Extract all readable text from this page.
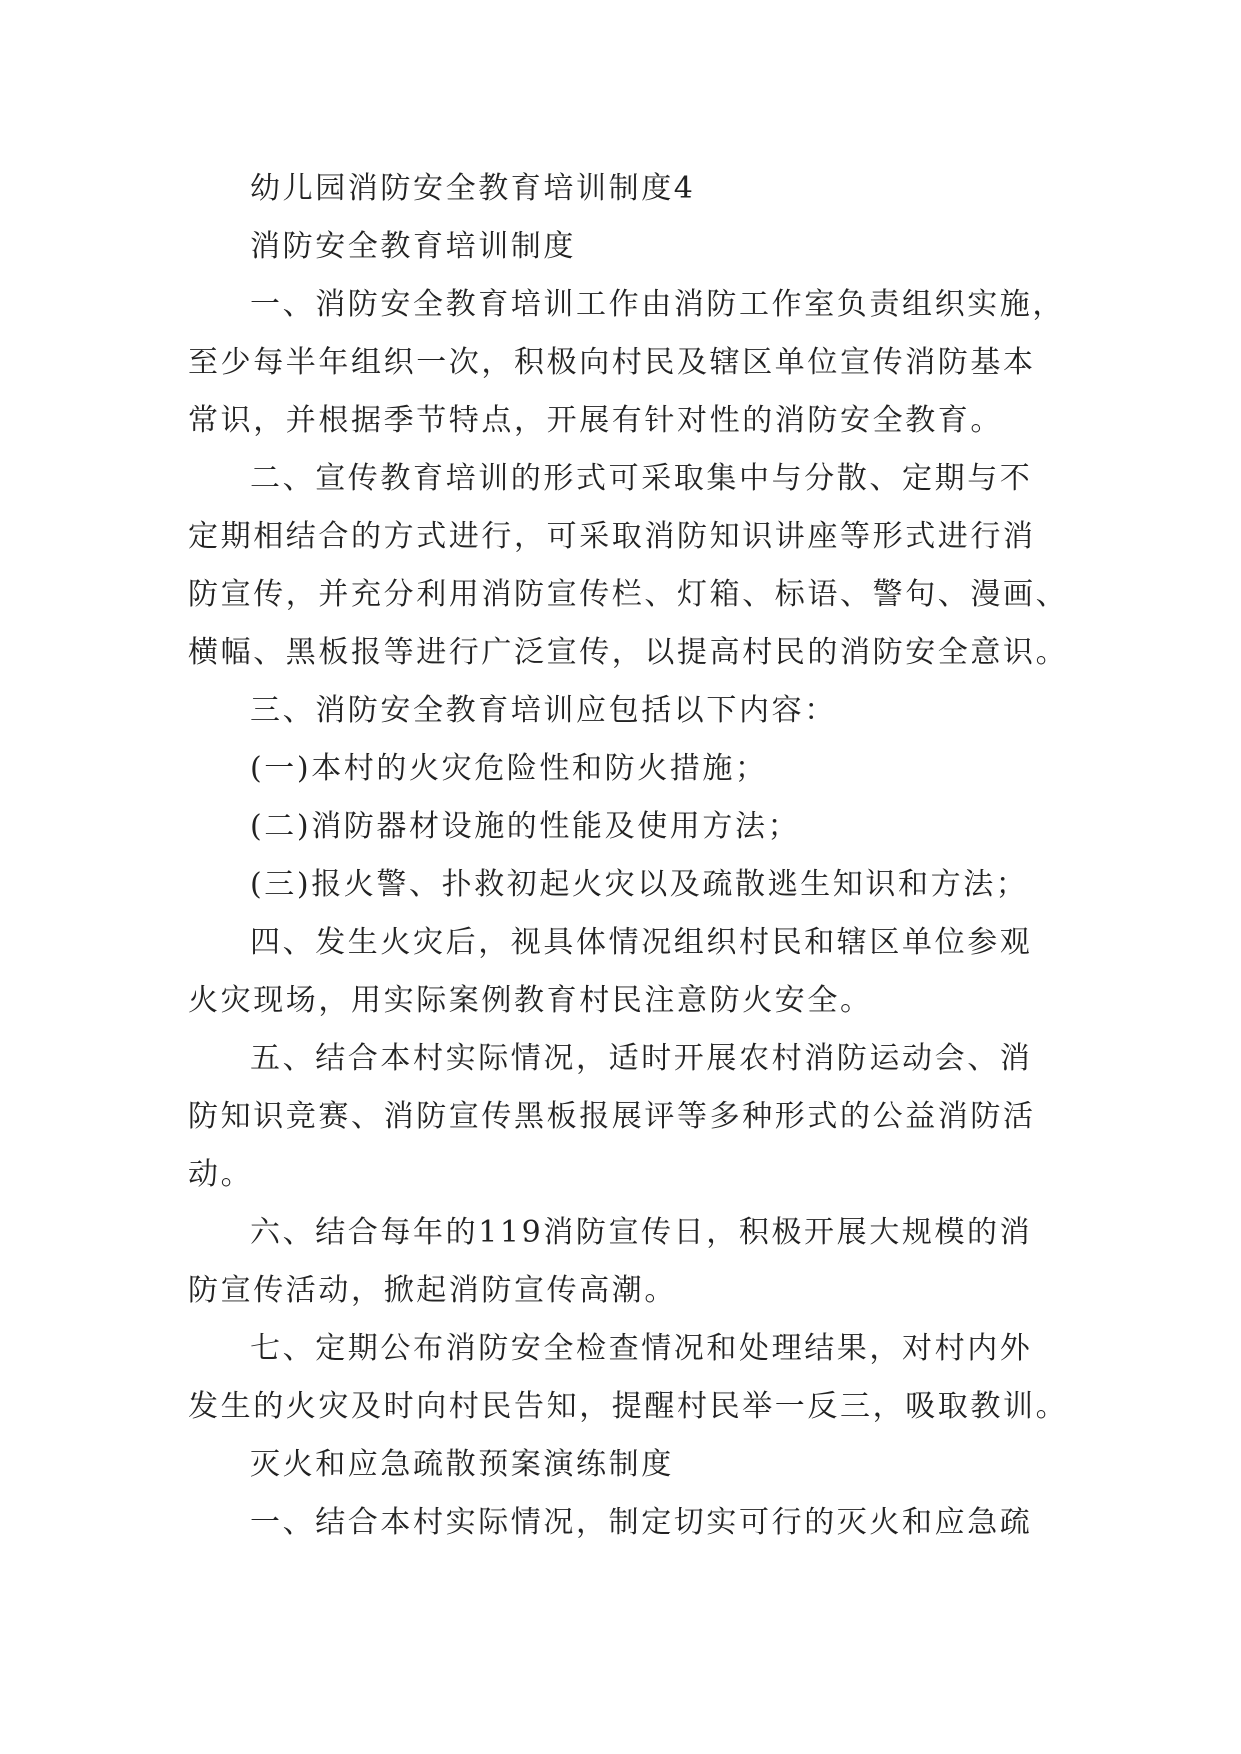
幼儿园消防安全教育培训制度4
消防安全教育培训制度
一、消防安全教育培训工作由消防工作室负责组织实施，
至少每半年组织一次，积极向村民及辖区单位宣传消防基本
常识，并根据季节特点，开展有针对性的消防安全教育。
二、宣传教育培训的形式可采取集中与分散、定期与不
定期相结合的方式进行，可采取消防知识讲座等形式进行消
防宣传，并充分利用消防宣传栏、灯箱、标语、警句、漫画、
横幅、黑板报等进行广泛宣传，以提高村民的消防安全意识。
三、消防安全教育培训应包括以下内容：
(一)本村的火灾危险性和防火措施；
(二)消防器材设施的性能及使用方法；
(三)报火警、扑救初起火灾以及疏散逃生知识和方法；
四、发生火灾后，视具体情况组织村民和辖区单位参观
火灾现场，用实际案例教育村民注意防火安全。
五、结合本村实际情况，适时开展农村消防运动会、消
防知识竞赛、消防宣传黑板报展评等多种形式的公益消防活
动。
六、结合每年的119消防宣传日，积极开展大规模的消
防宣传活动，掀起消防宣传高潮。
七、定期公布消防安全检查情况和处理结果，对村内外
发生的火灾及时向村民告知，提醒村民举一反三，吸取教训。
灭火和应急疏散预案演练制度
一、结合本村实际情况，制定切实可行的灭火和应急疏
